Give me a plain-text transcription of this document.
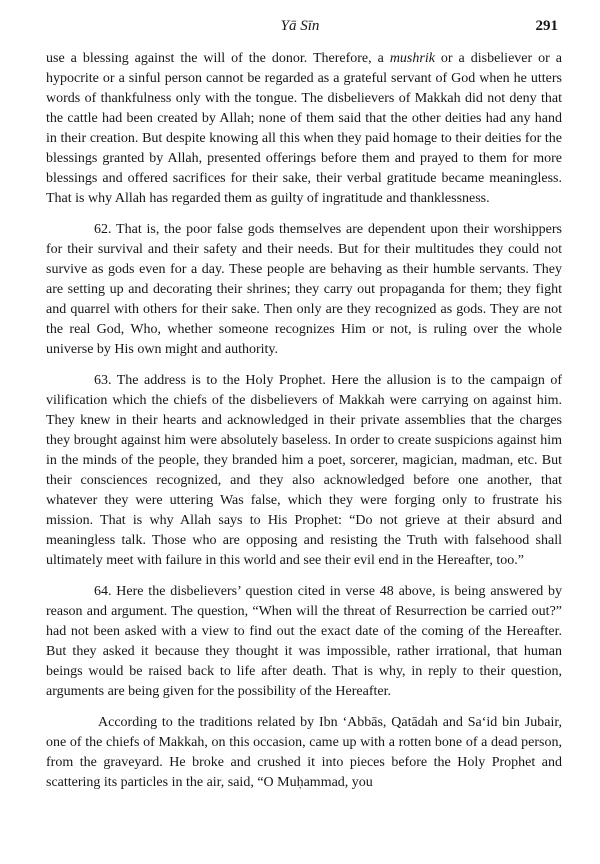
Yā Sīn	291

use a blessing against the will of the donor. Therefore, a mushrik or a disbeliever or a hypocrite or a sinful person cannot be regarded as a grateful servant of God when he utters words of thankfulness only with the tongue. The disbelievers of Makkah did not deny that the cattle had been created by Allah; none of them said that the other deities had any hand in their creation. But despite knowing all this when they paid homage to their deities for the blessings granted by Allah, presented offerings before them and prayed to them for more blessings and offered sacrifices for their sake, their verbal gratitude became meaningless. That is why Allah has regarded them as guilty of ingratitude and thanklessness.

62. That is, the poor false gods themselves are dependent upon their worshippers for their survival and their safety and their needs. But for their multitudes they could not survive as gods even for a day. These people are behaving as their humble servants. They are setting up and decorating their shrines; they carry out propaganda for them; they fight and quarrel with others for their sake. Then only are they recognized as gods. They are not the real God, Who, whether someone recognizes Him or not, is ruling over the whole universe by His own might and authority.

63. The address is to the Holy Prophet. Here the allusion is to the campaign of vilification which the chiefs of the disbelievers of Makkah were carrying on against him. They knew in their hearts and acknowledged in their private assemblies that the charges they brought against him were absolutely baseless. In order to create suspicions against him in the minds of the people, they branded him a poet, sorcerer, magician, madman, etc. But their consciences recognized, and they also acknowledged before one another, that whatever they were uttering Was false, which they were forging only to frustrate his mission. That is why Allah says to His Prophet: “Do not grieve at their absurd and meaningless talk. Those who are opposing and resisting the Truth with falsehood shall ultimately meet with failure in this world and see their evil end in the Hereafter, too.”

64. Here the disbelievers’ question cited in verse 48 above, is being answered by reason and argument. The question, “When will the threat of Resurrection be carried out?” had not been asked with a view to find out the exact date of the coming of the Hereafter. But they asked it because they thought it was impossible, rather irrational, that human beings would be raised back to life after death. That is why, in reply to their question, arguments are being given for the possibility of the Hereafter.

According to the traditions related by Ibn ‘Abbās, Qatādah and Sa‘id bin Jubair, one of the chiefs of Makkah, on this occasion, came up with a rotten bone of a dead person, from the graveyard. He broke and crushed it into pieces before the Holy Prophet and scattering its particles in the air, said, “O Muḥammad, you
